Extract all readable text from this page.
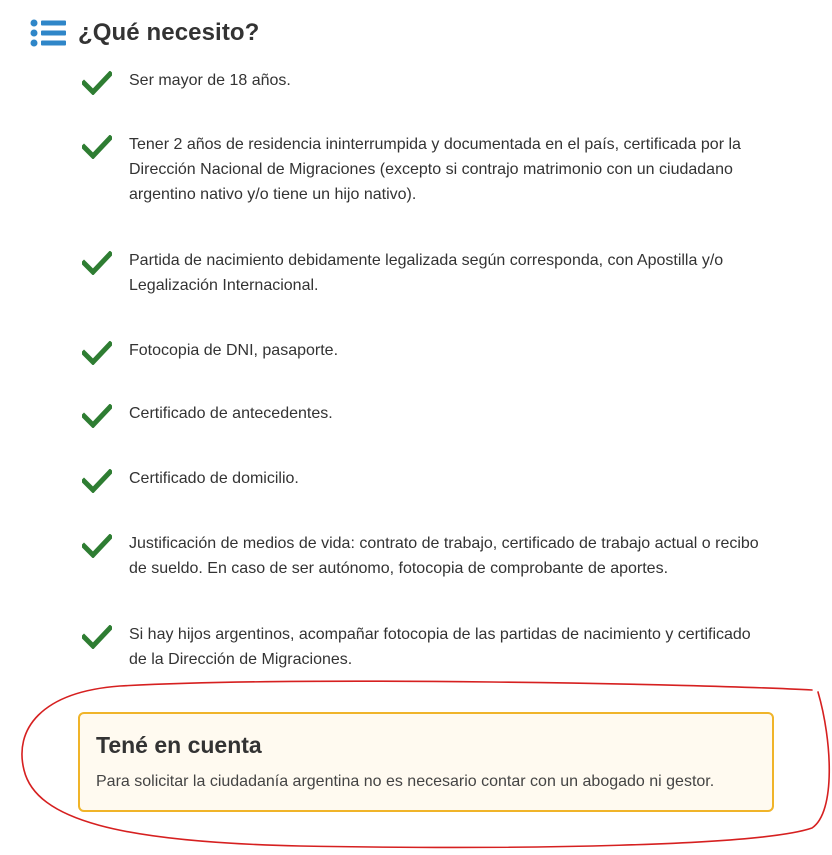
¿Qué necesito?
Ser mayor de 18 años.
Tener 2 años de residencia ininterrumpida y documentada en el país, certificada por la Dirección Nacional de Migraciones (excepto si contrajo matrimonio con un ciudadano argentino nativo y/o tiene un hijo nativo).
Partida de nacimiento debidamente legalizada según corresponda, con Apostilla y/o Legalización Internacional.
Fotocopia de DNI, pasaporte.
Certificado de antecedentes.
Certificado de domicilio.
Justificación de medios de vida: contrato de trabajo, certificado de trabajo actual o recibo de sueldo. En caso de ser autónomo, fotocopia de comprobante de aportes.
Si hay hijos argentinos, acompañar fotocopia de las partidas de nacimiento y certificado de la Dirección de Migraciones.
Tené en cuenta

Para solicitar la ciudadanía argentina no es necesario contar con un abogado ni gestor.
